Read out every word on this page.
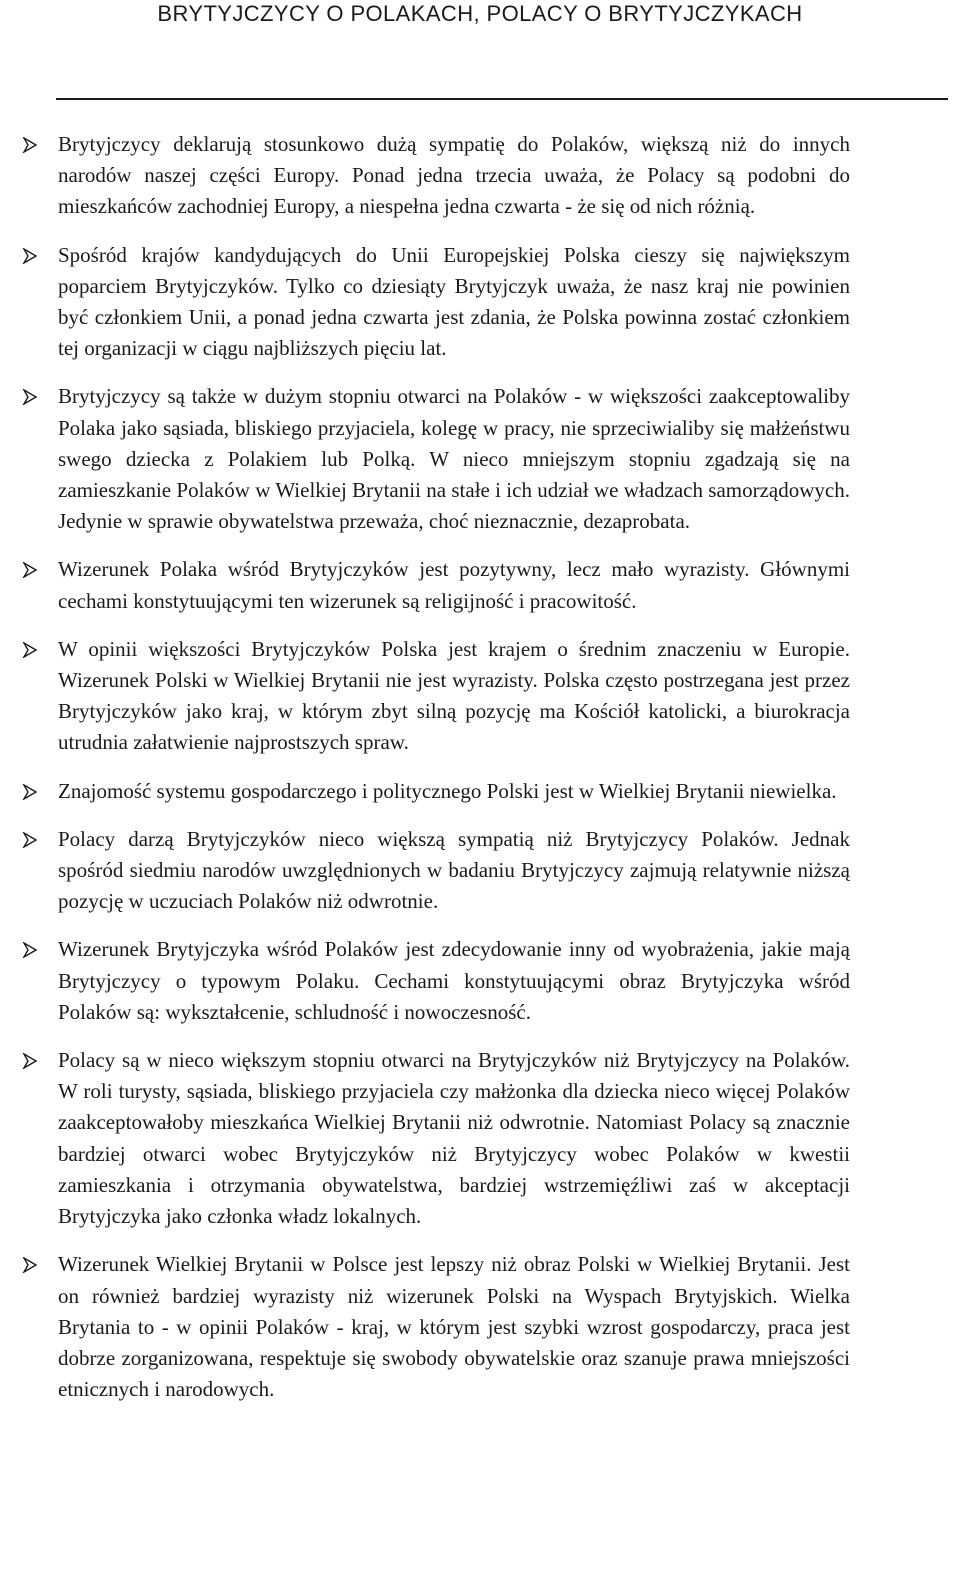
BRYTYJCZYCY O POLAKACH, POLACY O BRYTYJCZYKACH

Brytyjczycy deklarują stosunkowo dużą sympatię do Polaków, większą niż do innych narodów naszej części Europy. Ponad jedna trzecia uważa, że Polacy są podobni do mieszkańców zachodniej Europy, a niespełna jedna czwarta - że się od nich różnią.

Spośród krajów kandydujących do Unii Europejskiej Polska cieszy się największym poparciem Brytyjczyków. Tylko co dziesiąty Brytyjczyk uważa, że nasz kraj nie powinien być członkiem Unii, a ponad jedna czwarta jest zdania, że Polska powinna zostać członkiem tej organizacji w ciągu najbliższych pięciu lat.

Brytyjczycy są także w dużym stopniu otwarci na Polaków - w większości zaakceptowaliby Polaka jako sąsiada, bliskiego przyjaciela, kolegę w pracy, nie sprzeciwialiby się małżeństwu swego dziecka z Polakiem lub Polką. W nieco mniejszym stopniu zgadzają się na zamieszkanie Polaków w Wielkiej Brytanii na stałe i ich udział we władzach samorządowych. Jedynie w sprawie obywatelstwa przeważa, choć nieznacznie, dezaprobata.

Wizerunek Polaka wśród Brytyjczyków jest pozytywny, lecz mało wyrazisty. Głównymi cechami konstytuującymi ten wizerunek są religijność i pracowitość.

W opinii większości Brytyjczyków Polska jest krajem o średnim znaczeniu w Europie. Wizerunek Polski w Wielkiej Brytanii nie jest wyrazisty. Polska często postrzegana jest przez Brytyjczyków jako kraj, w którym zbyt silną pozycję ma Kościół katolicki, a biurokracja utrudnia załatwienie najprostszych spraw.

Znajomość systemu gospodarczego i politycznego Polski jest w Wielkiej Brytanii niewielka.

Polacy darzą Brytyjczyków nieco większą sympatią niż Brytyjczycy Polaków. Jednak spośród siedmiu narodów uwzględnionych w badaniu Brytyjczycy zajmują relatywnie niższą pozycję w uczuciach Polaków niż odwrotnie.

Wizerunek Brytyjczyka wśród Polaków jest zdecydowanie inny od wyobrażenia, jakie mają Brytyjczycy o typowym Polaku. Cechami konstytuującymi obraz Brytyjczyka wśród Polaków są: wykształcenie, schludność i nowoczesność.

Polacy są w nieco większym stopniu otwarci na Brytyjczyków niż Brytyjczycy na Polaków. W roli turysty, sąsiada, bliskiego przyjaciela czy małżonka dla dziecka nieco więcej Polaków zaakceptowałoby mieszkańca Wielkiej Brytanii niż odwrotnie. Natomiast Polacy są znacznie bardziej otwarci wobec Brytyjczyków niż Brytyjczycy wobec Polaków w kwestii zamieszkania i otrzymania obywatelstwa, bardziej wstrzemięźliwi zaś w akceptacji Brytyjczyka jako członka władz lokalnych.

Wizerunek Wielkiej Brytanii w Polsce jest lepszy niż obraz Polski w Wielkiej Brytanii. Jest on również bardziej wyrazisty niż wizerunek Polski na Wyspach Brytyjskich. Wielka Brytania to - w opinii Polaków - kraj, w którym jest szybki wzrost gospodarczy, praca jest dobrze zorganizowana, respektuje się swobody obywatelskie oraz szanuje prawa mniejszości etnicznych i narodowych.
